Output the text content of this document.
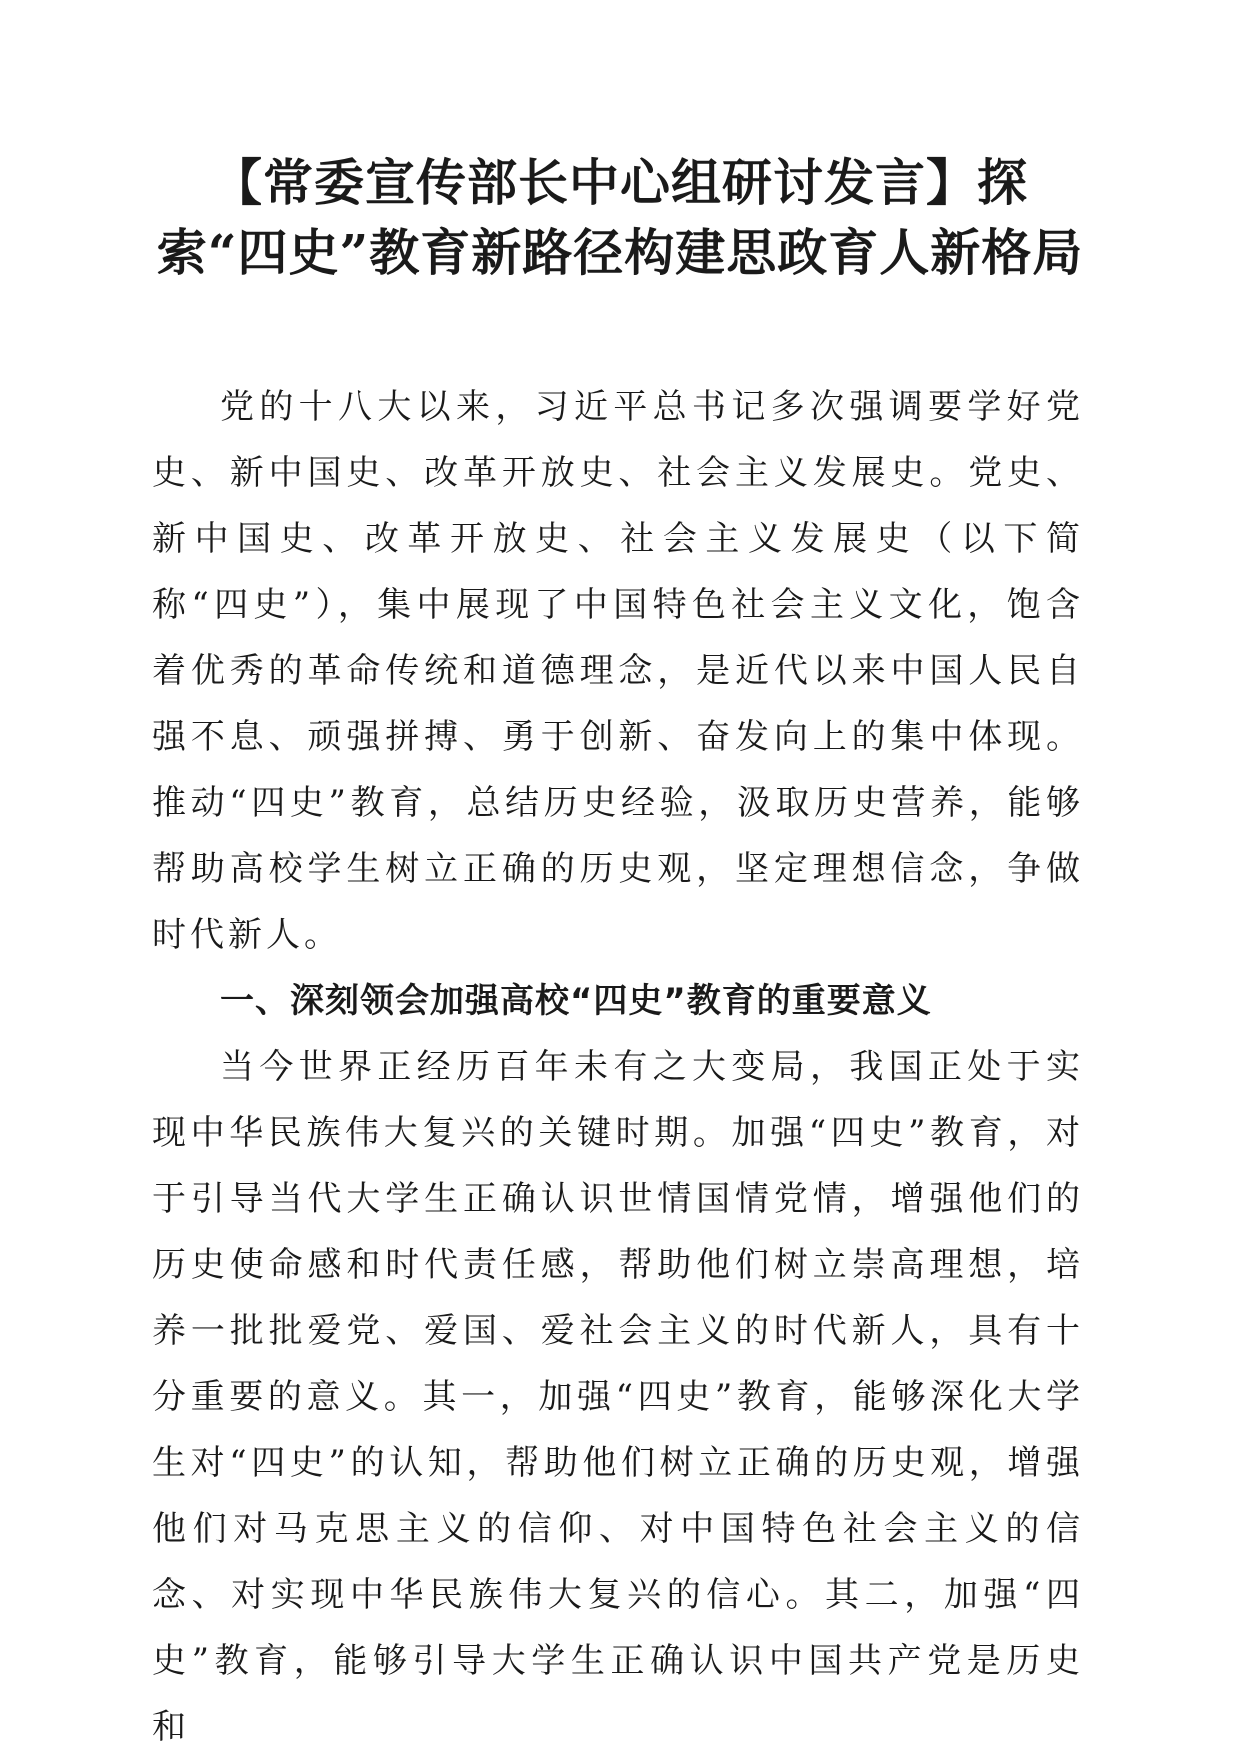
【常委宣传部长中心组研讨发言】探索“四史”教育新路径构建思政育人新格局

党的十八大以来，习近平总书记多次强调要学好党史、新中国史、改革开放史、社会主义发展史。党史、新中国史、改革开放史、社会主义发展史（以下简称“四史”），集中展现了中国特色社会主义文化，饱含着优秀的革命传统和道德理念，是近代以来中国人民自强不息、顽强拼搏、勇于创新、奋发向上的集中体现。推动“四史”教育，总结历史经验，汲取历史营养，能够帮助高校学生树立正确的历史观，坚定理想信念，争做时代新人。

一、深刻领会加强高校“四史”教育的重要意义

当今世界正经历百年未有之大变局，我国正处于实现中华民族伟大复兴的关键时期。加强“四史”教育，对于引导当代大学生正确认识世情国情党情，增强他们的历史使命感和时代责任感，帮助他们树立崇高理想，培养一批批爱党、爱国、爱社会主义的时代新人，具有十分重要的意义。其一，加强“四史”教育，能够深化大学生对“四史”的认知，帮助他们树立正确的历史观，增强他们对马克思主义的信仰、对中国特色社会主义的信念、对实现中华民族伟大复兴的信心。其二，加强“四史”教育，能够引导大学生正确认识中国共产党是历史和
